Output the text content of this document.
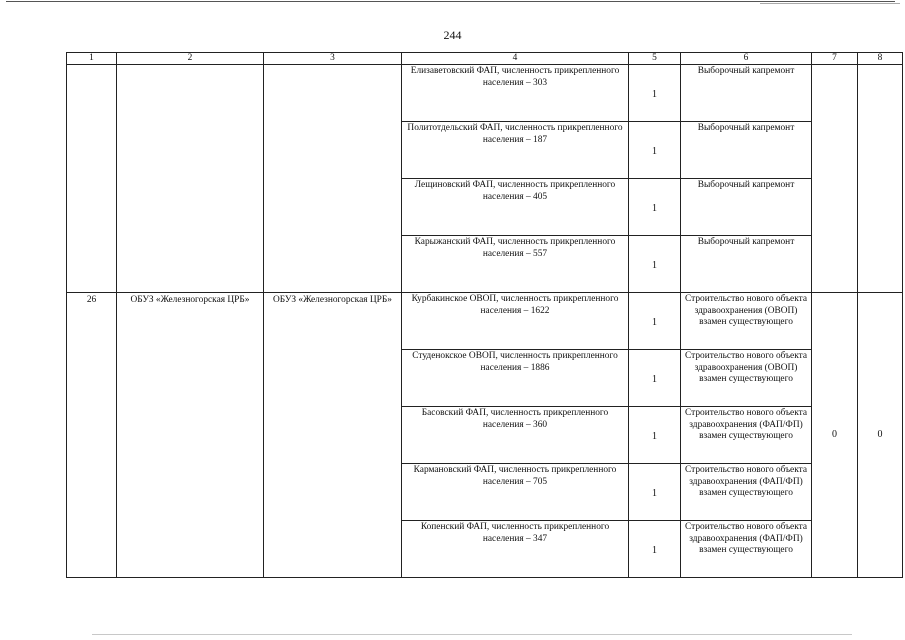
244
1	2	3	4	5	6	7	8
			Елизаветовский ФАП, численность прикрепленного населения – 303	1	Выборочный капремонт		
			Политотдельский ФАП, численность прикрепленного населения – 187	1	Выборочный капремонт		
			Лещиновский ФАП, численность прикрепленного населения – 405	1	Выборочный капремонт		
			Карыжанский ФАП, численность прикрепленного населения – 557	1	Выборочный капремонт		
26	ОБУЗ «Железногорская ЦРБ»	ОБУЗ «Железногорская ЦРБ»	Курбакинское ОВОП, численность прикрепленного населения – 1622	1	Строительство нового объекта здравоохранения (ОВОП) взамен существующего	0	0
			Студенокское ОВОП, численность прикрепленного населения – 1886	1	Строительство нового объекта здравоохранения (ОВОП) взамен существующего		
			Басовский ФАП, численность прикрепленного населения – 360	1	Строительство нового объекта здравоохранения (ФАП/ФП) взамен существующего		
			Кармановский ФАП, численность прикрепленного населения – 705	1	Строительство нового объекта здравоохранения (ФАП/ФП) взамен существующего		
			Копенский ФАП, численность прикрепленного населения – 347	1	Строительство нового объекта здравоохранения (ФАП/ФП) взамен существующего		
